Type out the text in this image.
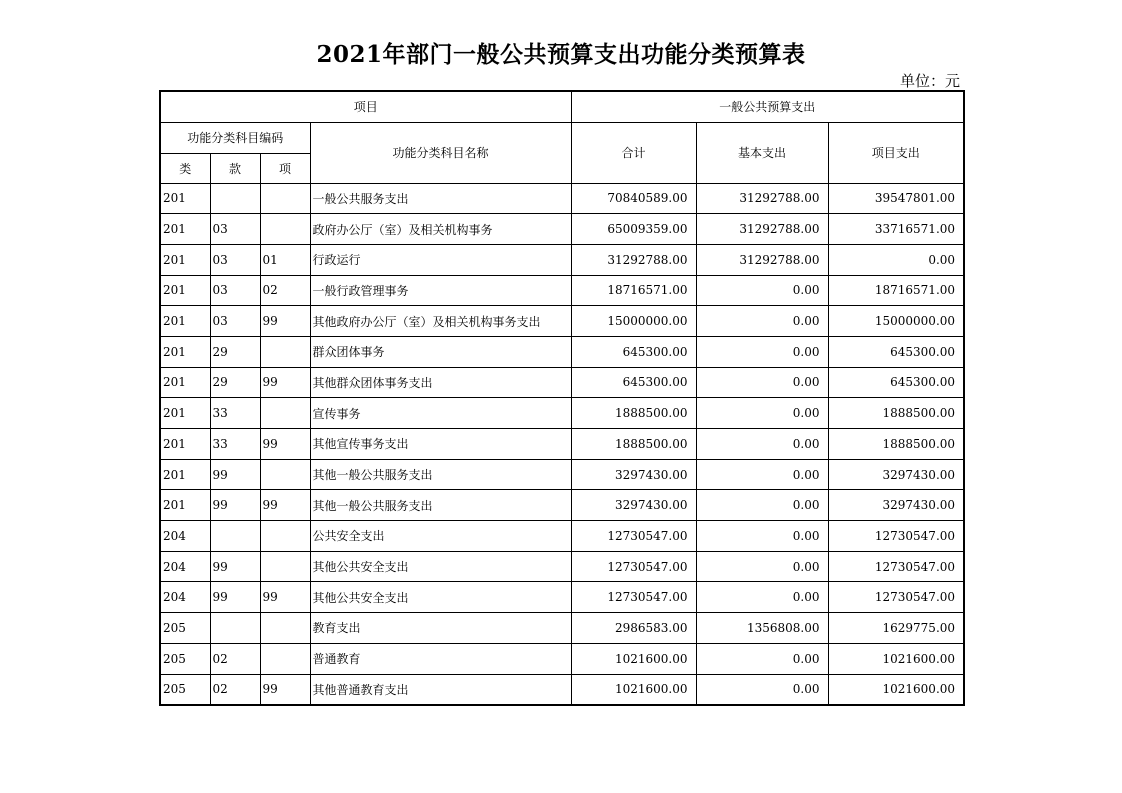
2021年部门一般公共预算支出功能分类预算表
单位：元
项目				一般公共预算支出		
功能分类科目编码			功能分类科目名称	合计	基本支出	项目支出
类	款	项				
201			一般公共服务支出	70840589.00	31292788.00	39547801.00
201	03		政府办公厅（室）及相关机构事务	65009359.00	31292788.00	33716571.00
201	03	01	行政运行	31292788.00	31292788.00	0.00
201	03	02	一般行政管理事务	18716571.00	0.00	18716571.00
201	03	99	其他政府办公厅（室）及相关机构事务支出	15000000.00	0.00	15000000.00
201	29		群众团体事务	645300.00	0.00	645300.00
201	29	99	其他群众团体事务支出	645300.00	0.00	645300.00
201	33		宣传事务	1888500.00	0.00	1888500.00
201	33	99	其他宣传事务支出	1888500.00	0.00	1888500.00
201	99		其他一般公共服务支出	3297430.00	0.00	3297430.00
201	99	99	其他一般公共服务支出	3297430.00	0.00	3297430.00
204			公共安全支出	12730547.00	0.00	12730547.00
204	99		其他公共安全支出	12730547.00	0.00	12730547.00
204	99	99	其他公共安全支出	12730547.00	0.00	12730547.00
205			教育支出	2986583.00	1356808.00	1629775.00
205	02		普通教育	1021600.00	0.00	1021600.00
205	02	99	其他普通教育支出	1021600.00	0.00	1021600.00
